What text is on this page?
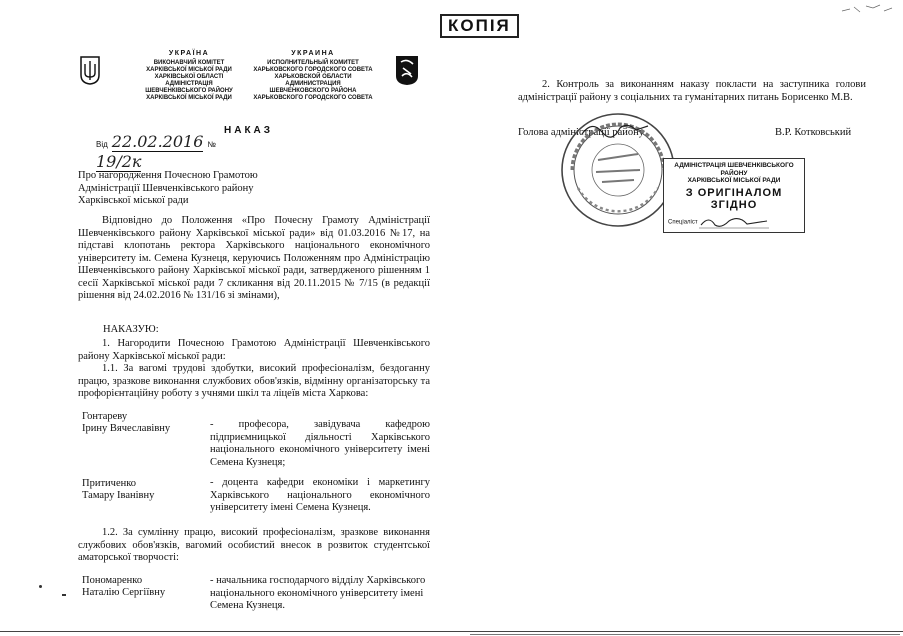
КОПІЯ
УКРАЇНА
ВИКОНАВЧИЙ КОМІТЕТ
ХАРКІВСЬКОЇ МІСЬКОЇ РАДИ
ХАРКІВСЬКОЇ ОБЛАСТІ
АДМІНІСТРАЦІЯ
ШЕВЧЕНКІВСЬКОГО РАЙОНУ
ХАРКІВСЬКОЇ МІСЬКОЇ РАДИ
УКРАИНА
ИСПОЛНИТЕЛЬНЫЙ КОМИТЕТ
ХАРЬКОВСКОГО ГОРОДСКОГО СОВЕТА
ХАРЬКОВСКОЙ ОБЛАСТИ
АДМИНИСТРАЦИЯ
ШЕВЧЕНКОВСКОГО РАЙОНА
ХАРЬКОВСКОГО ГОРОДСКОГО СОВЕТА
НАКАЗ
Від 22.02.2016 № 19/2к
Про нагородження Почесною Грамотою Адміністрації Шевченківського району Харківської міської ради
Відповідно до Положення «Про Почесну Грамоту Адміністрації Шевченківського району Харківської міської ради» від 01.03.2016 №17, на підставі клопотань ректора Харківського національного економічного університету ім. Семена Кузнеця, керуючись Положенням про Адміністрацію Шевченківського району Харківської міської ради, затвердженого рішенням 1 сесії Харківської міської ради 7 скликання від 20.11.2015 № 7/15 (в редакції рішення від 24.02.2016 № 131/16 зі змінами),
НАКАЗУЮ:
1. Нагородити Почесною Грамотою Адміністрації Шевченківського району Харківської міської ради:
1.1. За вагомі трудові здобутки, високий професіоналізм, бездоганну працю, зразкове виконання службових обов'язків, відмінну організаторську та профорієнтаційну роботу з учнями шкіл та ліцеїв міста Харкова:
Гонтареву
Ірину Вячеславівну	- професора, завідувача кафедрою підприємницької діяльності Харківського національного економічного університету імені Семена Кузнеця;
Притиченко
Тамару Іванівну
- доцента кафедри економіки і маркетингу Харківського національного економічного університету імені Семена Кузнеця.
1.2. За сумлінну працю, високий професіоналізм, зразкове виконання службових обов'язків, вагомий особистий внесок в розвиток студентської аматорської творчості:
Пономаренко
Наталію Сергіївну
- начальника господарчого відділу Харківського національного економічного університету імені Семена Кузнеця.
2. Контроль за виконанням наказу покласти на заступника голови адміністрації району з соціальних та гуманітарних питань Борисенко М.В.
Голова адміністрації району	В.Р. Котковський
АДМІНІСТРАЦІЯ ШЕВЧЕНКІВСЬКОГО РАЙОНУ
ХАРКІВСЬКОЇ МІСЬКОЇ РАДИ
З ОРИГІНАЛОМ ЗГІДНО
Спеціаліст
